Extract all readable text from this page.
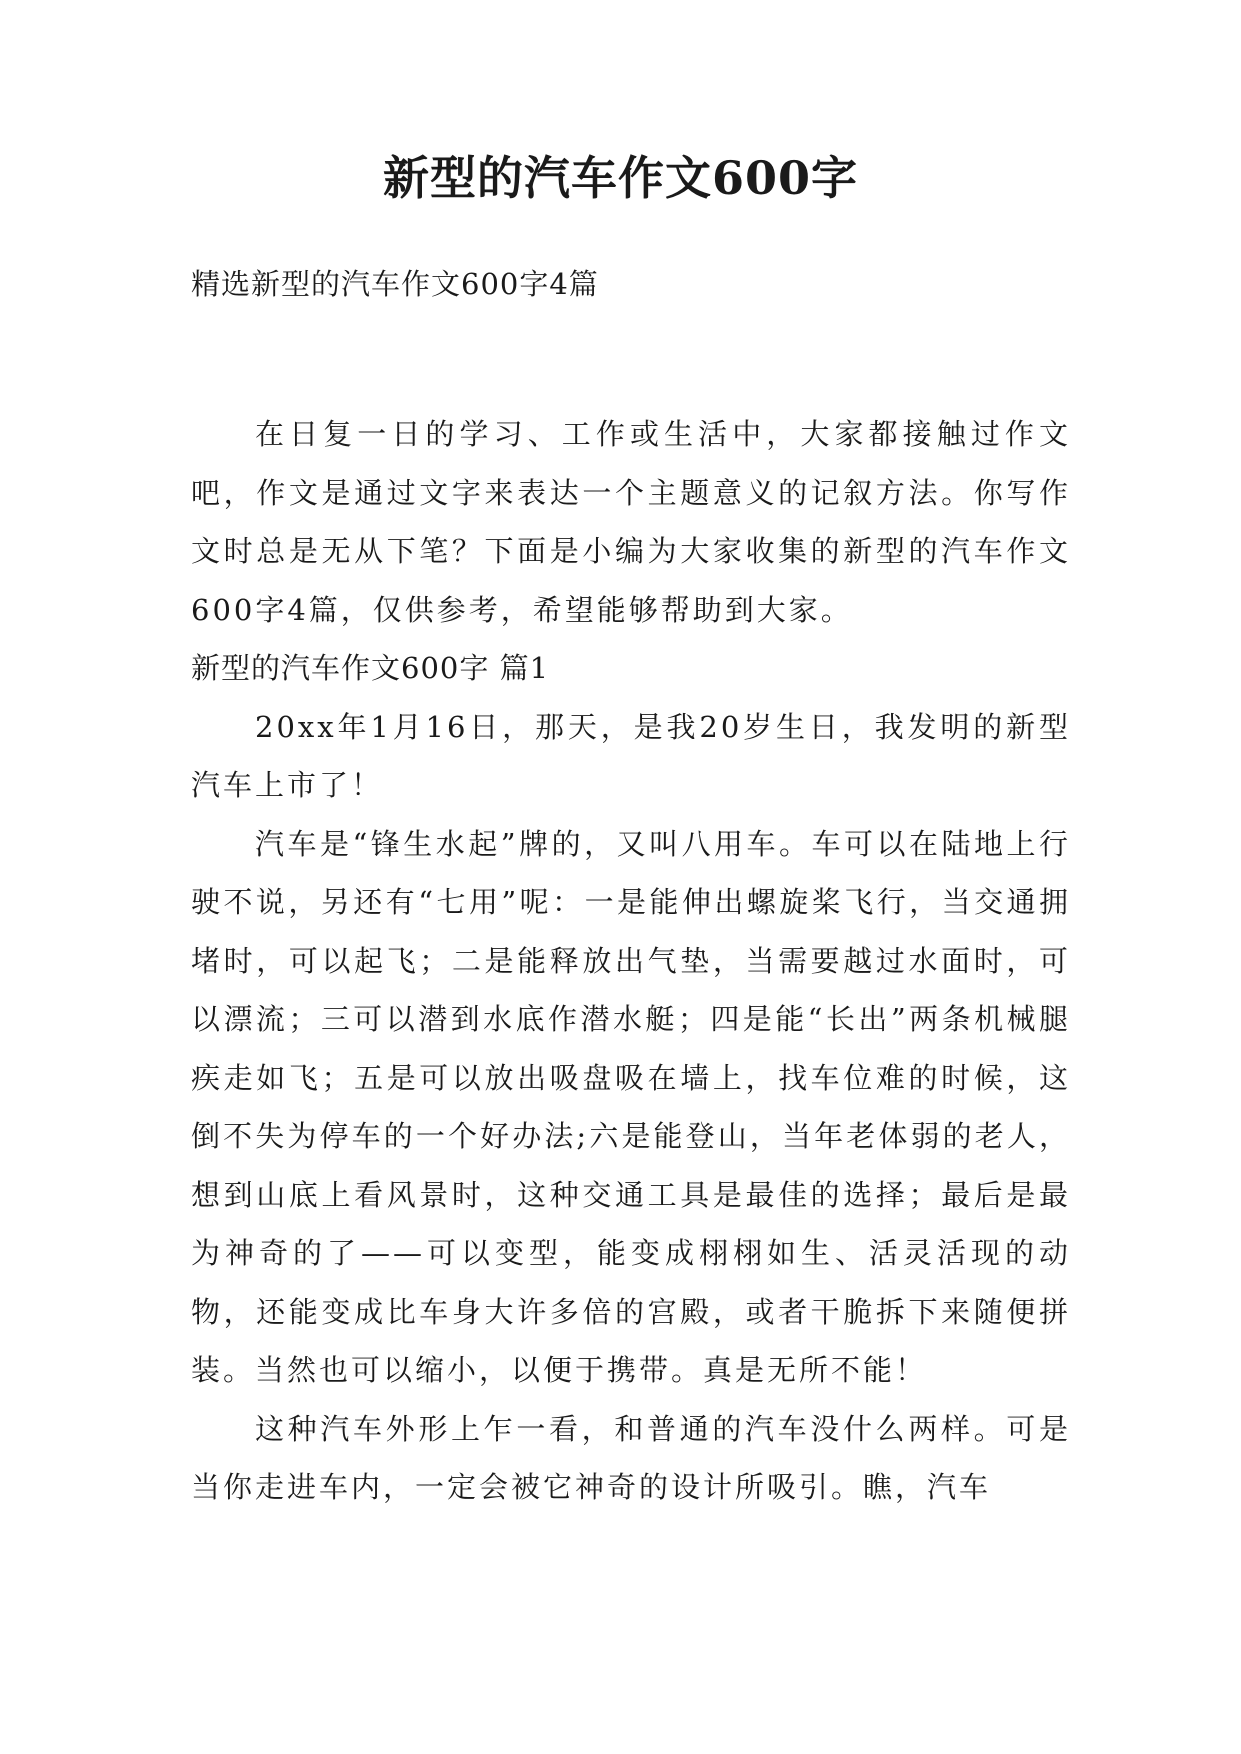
新型的汽车作文600字
精选新型的汽车作文600字4篇

在日复一日的学习、工作或生活中，大家都接触过作文吧，作文是通过文字来表达一个主题意义的记叙方法。你写作文时总是无从下笔？下面是小编为大家收集的新型的汽车作文600字4篇，仅供参考，希望能够帮助到大家。

新型的汽车作文600字 篇1

20xx年1月16日，那天，是我20岁生日，我发明的新型汽车上市了！

汽车是“锋生水起”牌的，又叫八用车。车可以在陆地上行驶不说，另还有“七用”呢：一是能伸出螺旋桨飞行，当交通拥堵时，可以起飞；二是能释放出气垫，当需要越过水面时，可以漂流；三可以潜到水底作潜水艇；四是能“长出”两条机械腿疾走如飞；五是可以放出吸盘吸在墙上，找车位难的时候，这倒不失为停车的一个好办法;六是能登山，当年老体弱的老人，想到山底上看风景时，这种交通工具是最佳的选择；最后是最为神奇的了——可以变型，能变成栩栩如生、活灵活现的动物，还能变成比车身大许多倍的宫殿，或者干脆拆下来随便拼装。当然也可以缩小，以便于携带。真是无所不能！

这种汽车外形上乍一看，和普通的汽车没什么两样。可是当你走进车内，一定会被它神奇的设计所吸引。瞧，汽车
